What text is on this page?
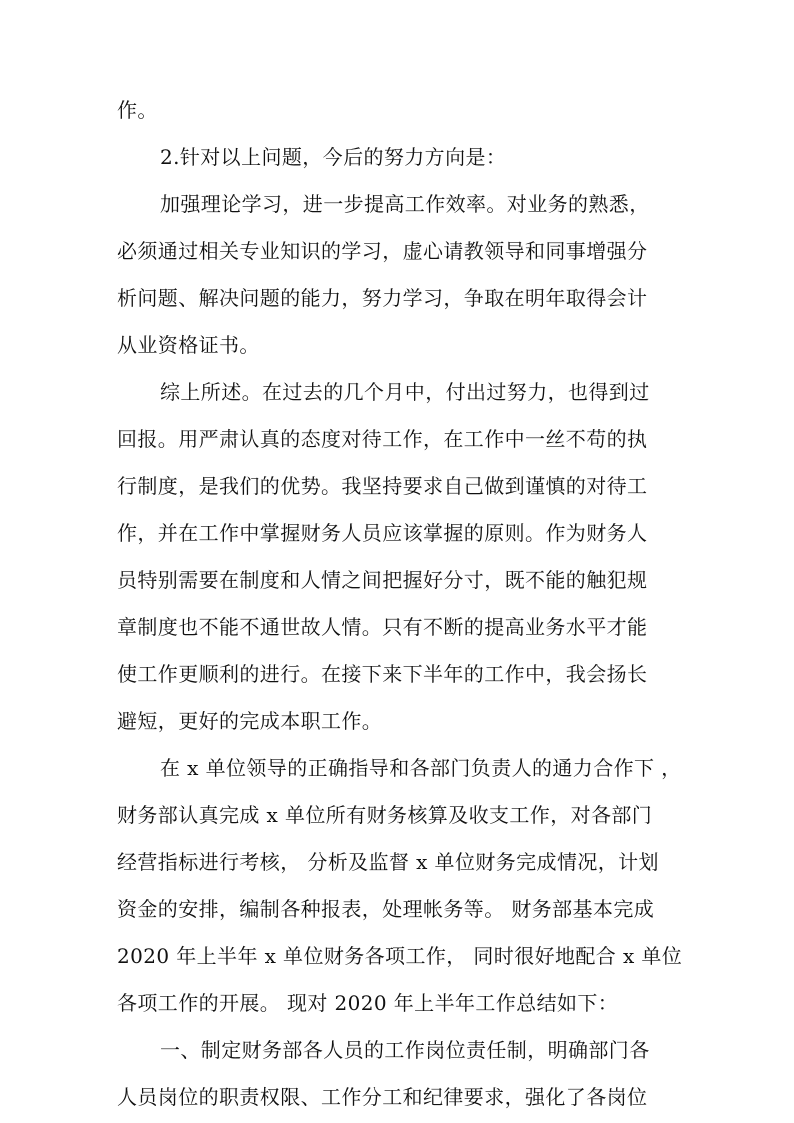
作。
2.针对以上问题，今后的努力方向是：
加强理论学习，进一步提高工作效率。对业务的熟悉，
必须通过相关专业知识的学习，虚心请教领导和同事增强分
析问题、解决问题的能力，努力学习，争取在明年取得会计
从业资格证书。
综上所述。在过去的几个月中，付出过努力，也得到过
回报。用严肃认真的态度对待工作，在工作中一丝不苟的执
行制度，是我们的优势。我坚持要求自己做到谨慎的对待工
作，并在工作中掌握财务人员应该掌握的原则。作为财务人
员特别需要在制度和人情之间把握好分寸，既不能的触犯规
章制度也不能不通世故人情。只有不断的提高业务水平才能
使工作更顺利的进行。在接下来下半年的工作中，我会扬长
避短，更好的完成本职工作。
在 x 单位领导的正确指导和各部门负责人的通力合作下 ，
财务部认真完成 x 单位所有财务核算及收支工作，对各部门
经营指标进行考核， 分析及监督 x 单位财务完成情况，计划
资金的安排，编制各种报表，处理帐务等。 财务部基本完成
2020 年上半年 x 单位财务各项工作， 同时很好地配合 x 单位
各项工作的开展。 现对 2020 年上半年工作总结如下：
一、制定财务部各人员的工作岗位责任制，明确部门各
人员岗位的职责权限、工作分工和纪律要求，强化了各岗位
